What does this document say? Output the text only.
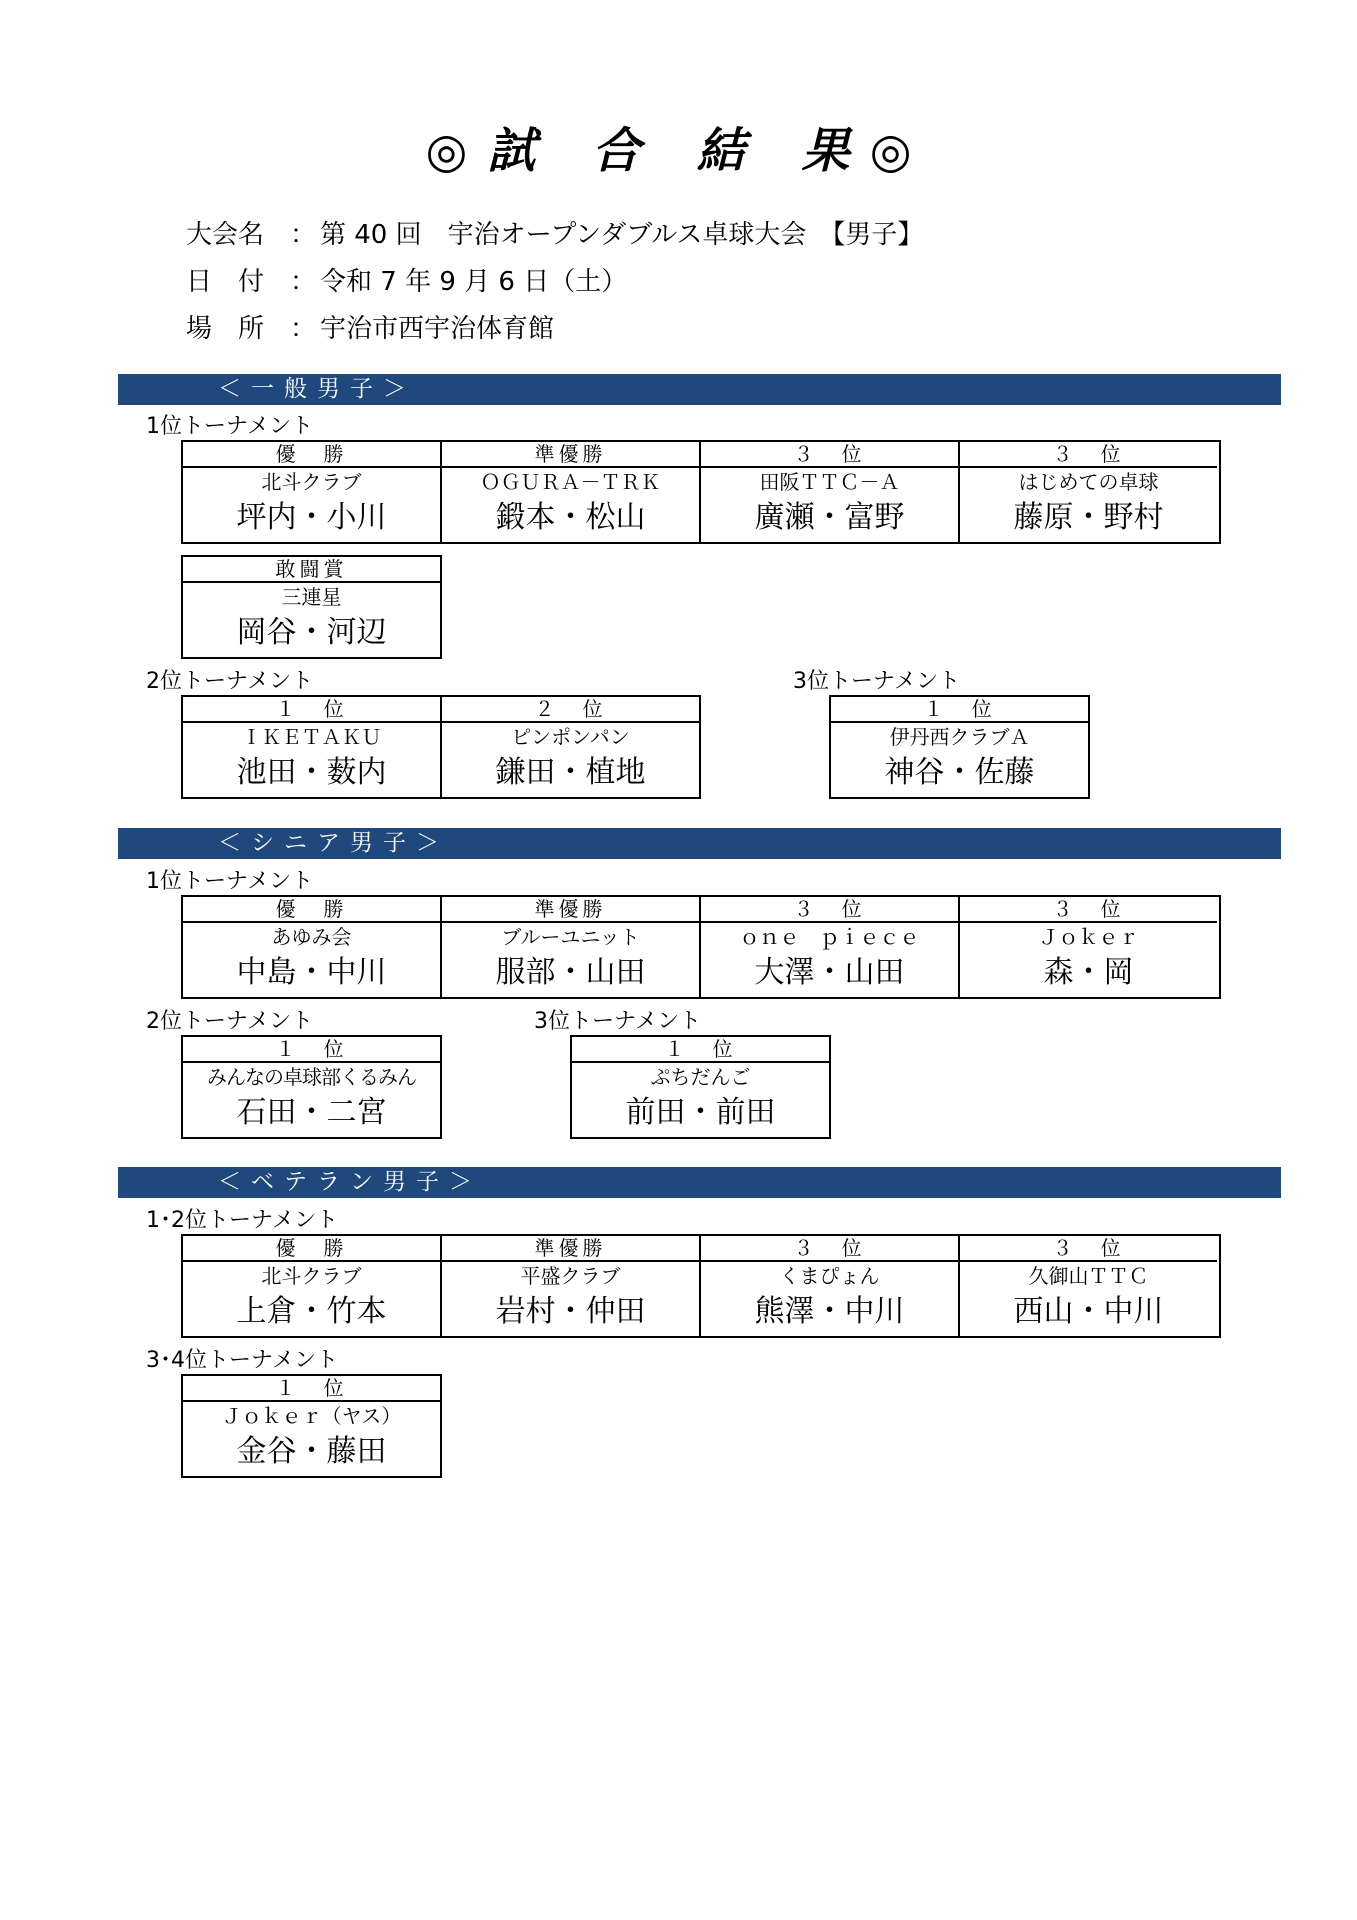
◎試 合 結 果◎
大会名 ： 第 40 回　宇治オープンダブルス卓球大会　【男子】
日　付 ： 令和 7 年 9 月 6 日（土）
場　所 ： 宇治市西宇治体育館
＜一般男子＞
1位トーナメント
優　勝
北斗クラブ
坪内・小川
準優勝
ＯＧＵＲＡ－ＴＲＫ
鍛本・松山
３　位
田阪ＴＴＣ－Ａ
廣瀬・富野
３　位
はじめての卓球
藤原・野村
敢闘賞
三連星
岡谷・河辺
2位トーナメント
１　位
ＩＫＥＴＡＫＵ
池田・薮内
２　位
ピンポンパン
鎌田・植地
3位トーナメント
１　位
伊丹西クラブＡ
神谷・佐藤
＜シニア男子＞
1位トーナメント
優　勝
あゆみ会
中島・中川
準優勝
ブルーユニット
服部・山田
３　位
ｏｎｅ　ｐｉｅｃｅ
大澤・山田
３　位
Ｊｏｋｅｒ
森・岡
2位トーナメント
１　位
みんなの卓球部くるみん
石田・二宮
3位トーナメント
１　位
ぷちだんご
前田・前田
＜ベテラン男子＞
1･2位トーナメント
優　勝
北斗クラブ
上倉・竹本
準優勝
平盛クラブ
岩村・仲田
３　位
くまぴょん
熊澤・中川
３　位
久御山ＴＴＣ
西山・中川
3･4位トーナメント
１　位
Ｊｏｋｅｒ（ヤス）
金谷・藤田
